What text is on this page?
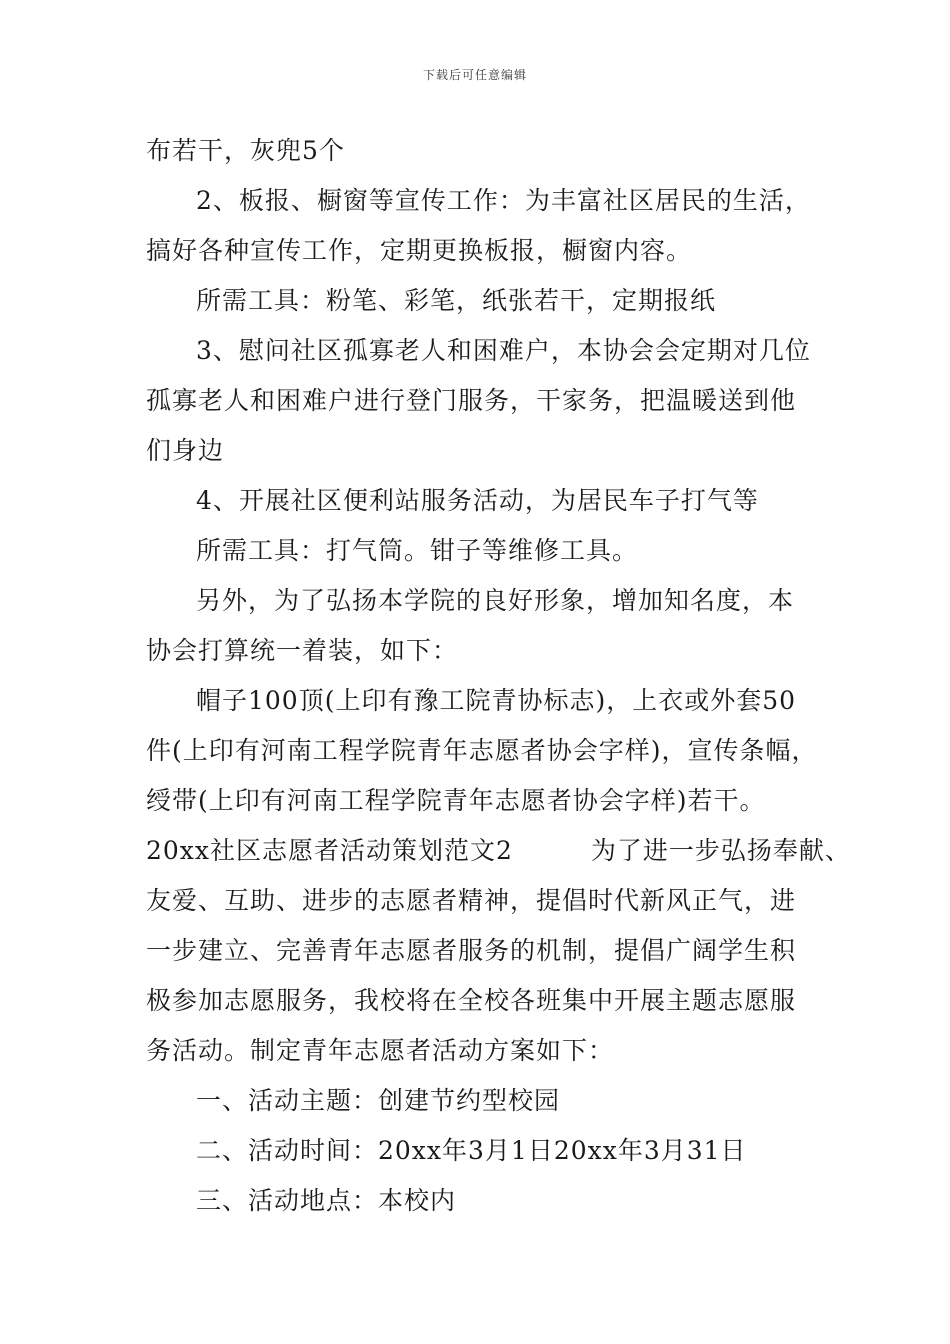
下载后可任意编辑
布若干，灰兜5个
2、板报、橱窗等宣传工作：为丰富社区居民的生活，
搞好各种宣传工作，定期更换板报，橱窗内容。
所需工具：粉笔、彩笔，纸张若干，定期报纸
3、慰问社区孤寡老人和困难户，本协会会定期对几位
孤寡老人和困难户进行登门服务，干家务，把温暖送到他
们身边
4、开展社区便利站服务活动，为居民车子打气等
所需工具：打气筒。钳子等维修工具。
另外，为了弘扬本学院的良好形象，增加知名度，本
协会打算统一着装，如下：
帽子100顶(上印有豫工院青协标志)，上衣或外套50
件(上印有河南工程学院青年志愿者协会字样)，宣传条幅，
绶带(上印有河南工程学院青年志愿者协会字样)若干。
20xx社区志愿者活动策划范文2　　　为了进一步弘扬奉献、
友爱、互助、进步的志愿者精神，提倡时代新风正气，进
一步建立、完善青年志愿者服务的机制，提倡广阔学生积
极参加志愿服务，我校将在全校各班集中开展主题志愿服
务活动。制定青年志愿者活动方案如下：
一、活动主题：创建节约型校园
二、活动时间：20xx年3月1日20xx年3月31日
三、活动地点：本校内
